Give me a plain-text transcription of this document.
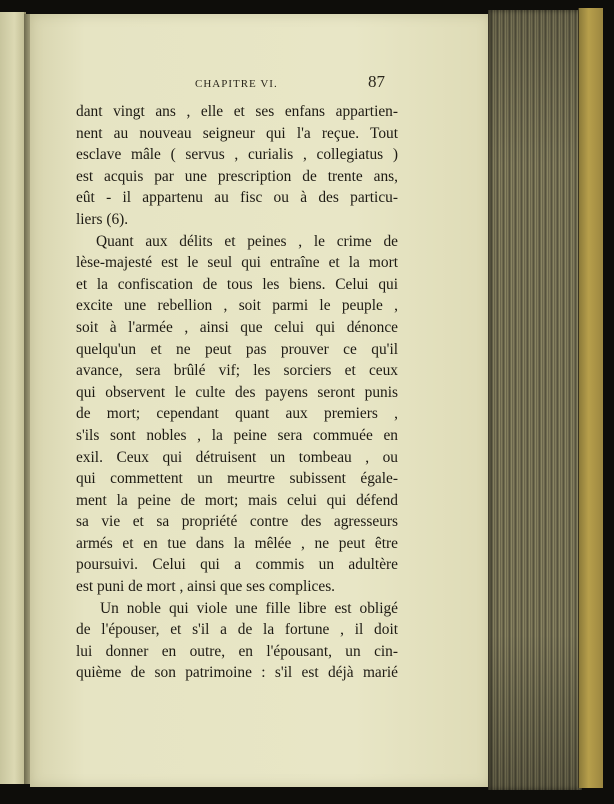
CHAPITRE VI.	87
dant vingt ans , elle et ses enfans appartien-
nent au nouveau seigneur qui l'a reçue. Tout
esclave mâle ( servus , curialis , collegiatus )
est acquis par une prescription de trente ans,
eût - il appartenu au fisc ou à des particu-
liers (6).
Quant aux délits et peines , le crime de
lèse-majesté est le seul qui entraîne et la mort
et la confiscation de tous les biens. Celui qui
excite une rebellion , soit parmi le peuple ,
soit à l'armée , ainsi que celui qui dénonce
quelqu'un et ne peut pas prouver ce qu'il
avance, sera brûlé vif; les sorciers et ceux
qui observent le culte des payens seront punis
de mort; cependant quant aux premiers ,
s'ils sont nobles , la peine sera commuée en
exil. Ceux qui détruisent un tombeau , ou
qui commettent un meurtre subissent égale-
ment la peine de mort; mais celui qui défend
sa vie et sa propriété contre des agresseurs
armés et en tue dans la mêlée , ne peut être
poursuivi. Celui qui a commis un adultère
est puni de mort , ainsi que ses complices.
Un noble qui viole une fille libre est obligé
de l'épouser, et s'il a de la fortune , il doit
lui donner en outre, en l'épousant, un cin-
quième de son patrimoine : s'il est déjà marié
